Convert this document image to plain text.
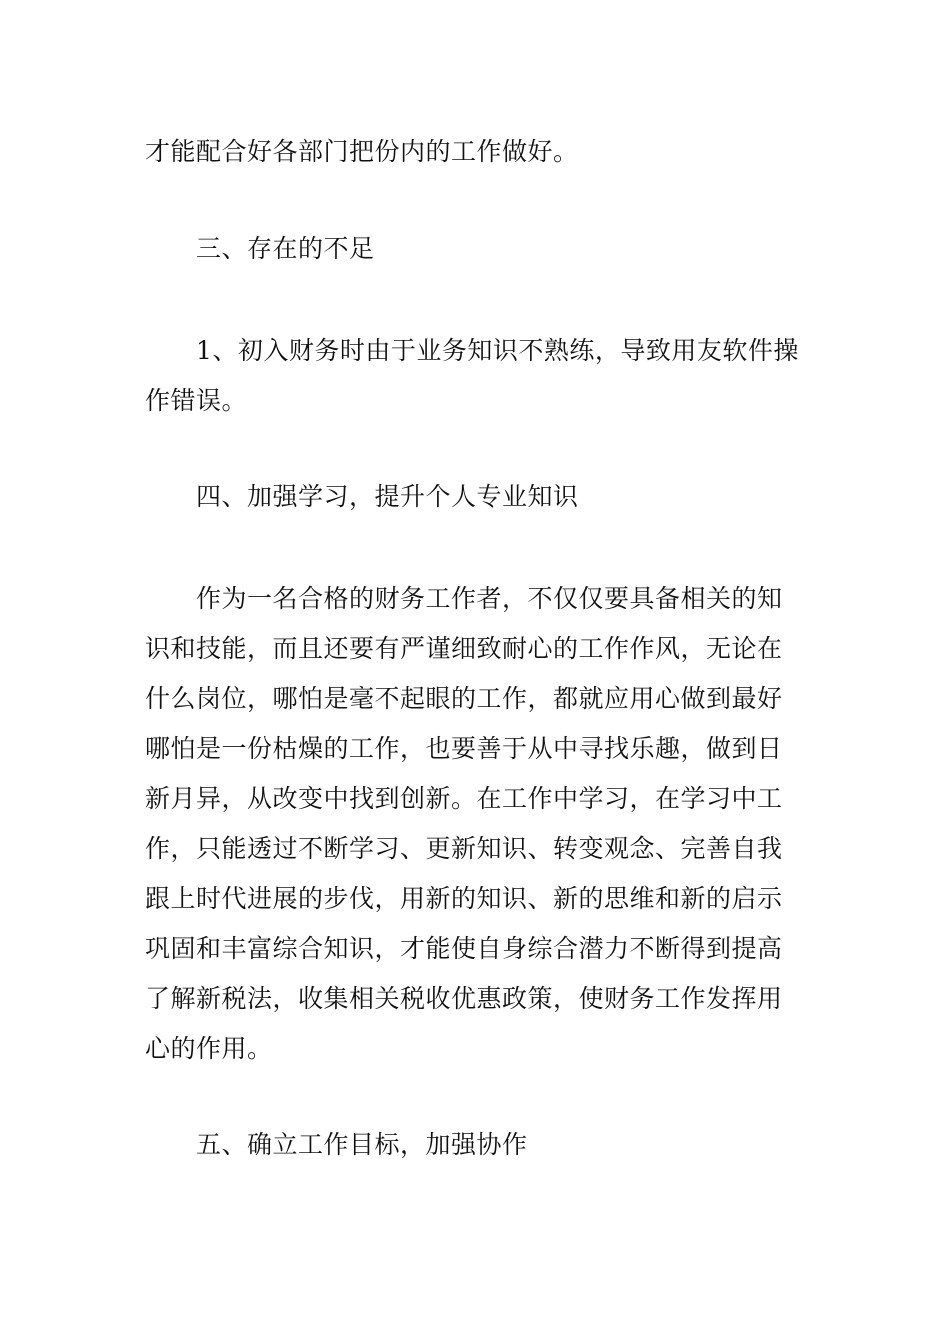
才能配合好各部门把份内的工作做好。
三、存在的不足
1、初入财务时由于业务知识不熟练，导致用友软件操
作错误。
四、加强学习，提升个人专业知识
作为一名合格的财务工作者，不仅仅要具备相关的知
识和技能，而且还要有严谨细致耐心的工作作风，无论在
什么岗位，哪怕是毫不起眼的工作，都就应用心做到最好
哪怕是一份枯燥的工作，也要善于从中寻找乐趣，做到日
新月异，从改变中找到创新。在工作中学习，在学习中工
作，只能透过不断学习、更新知识、转变观念、完善自我
跟上时代进展的步伐，用新的知识、新的思维和新的启示
巩固和丰富综合知识，才能使自身综合潜力不断得到提高
了解新税法，收集相关税收优惠政策，使财务工作发挥用
心的作用。
五、确立工作目标，加强协作
